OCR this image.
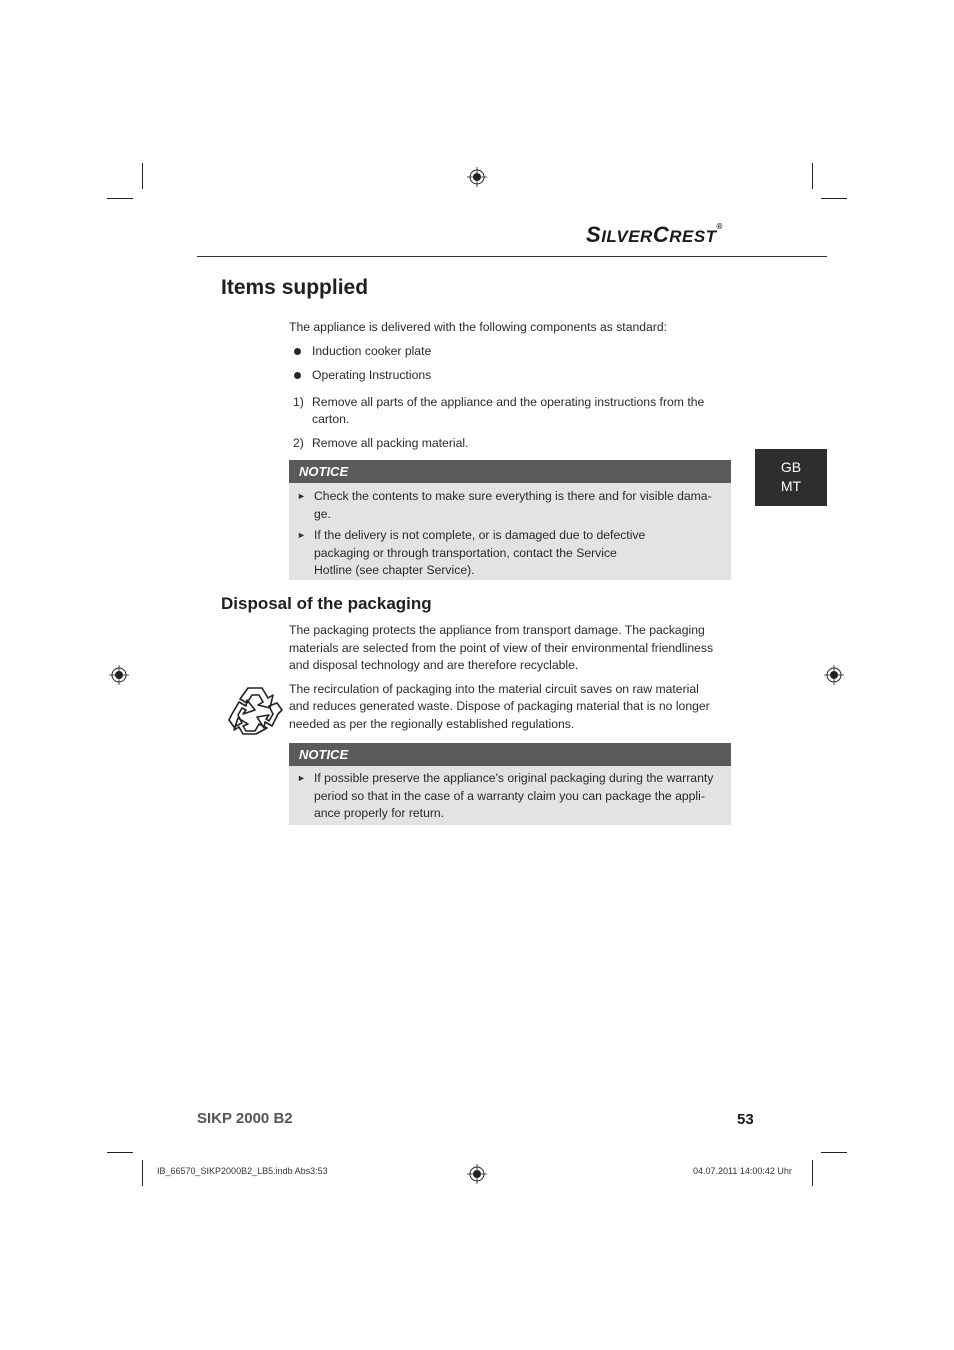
SILVERCREST®
Items supplied
The appliance is delivered with the following components as standard:
Induction cooker plate
Operating Instructions
1) Remove all parts of the appliance and the operating instructions from the
carton.
2) Remove all packing material.
NOTICE
► Check the contents to make sure everything is there and for visible dama-
ge.
► If the delivery is not complete, or is damaged due to defective
packaging or through transportation, contact the Service
Hotline (see chapter Service).
GB
MT
Disposal of the packaging
The packaging protects the appliance from transport damage. The packaging
materials are selected from the point of view of their environmental friendliness
and disposal technology and are therefore recyclable.
The recirculation of packaging into the material circuit saves on raw material
and reduces generated waste. Dispose of packaging material that is no longer
needed as per the regionally established regulations.
NOTICE
► If possible preserve the appliance's original packaging during the warranty
period so that in the case of a warranty claim you can package the appli-
ance properly for return.
SIKP 2000 B2	53
IB_66570_SIKP2000B2_LB5.indb Abs3:53	04.07.2011 14:00:42 Uhr
